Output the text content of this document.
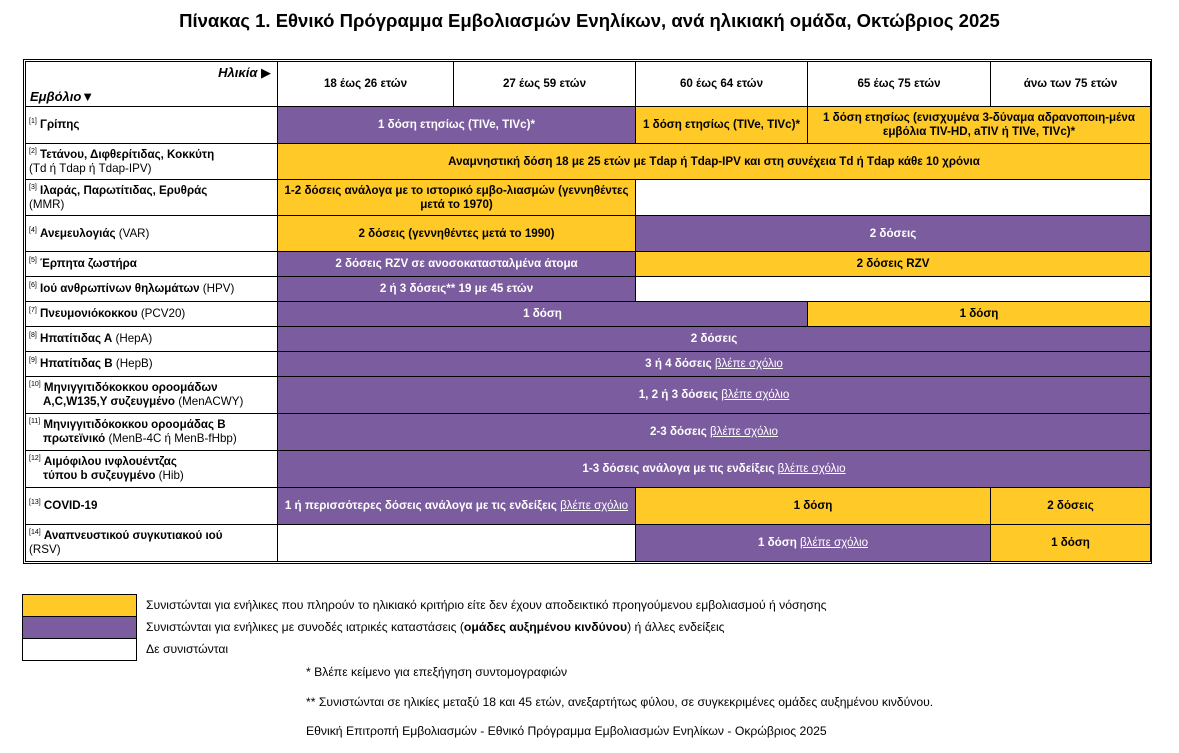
Πίνακας 1. Εθνικό Πρόγραμμα Εμβολιασμών Ενηλίκων, ανά ηλικιακή ομάδα, Οκτώβριος 2025
Ηλικία ▶
Εμβόλιο▼	18 έως 26 ετών	27 έως 59 ετών	60 έως 64 ετών	65 έως 75 ετών	άνω των 75 ετών

[1] Γρίπης	1 δόση ετησίως (TIVe, TIVc)*		1 δόση ετησίως (TIVe, TIVc)*	1 δόση ετησίως (ενισχυμένα 3-δύναμα αδρανοποιη-μένα εμβόλια TIV-HD, aTIV ή TIVe, TIVc)*	

[2] Τετάνου, Διφθερίτιδας, Κοκκύτη
(Td ή Tdap ή Tdap-IPV)	Αναμνηστική δόση 18 με 25 ετών με Tdap ή Tdap-IPV και στη συνέχεια Td ή Tdap κάθε 10 χρόνια				

[3] Ιλαράς, Παρωτίτιδας, Ερυθράς
(MMR)	1-2 δόσεις ανάλογα με το ιστορικό εμβο-λιασμών (γεννηθέντες μετά το 1970)				

[4] Ανεμευλογιάς (VAR)	2 δόσεις (γεννηθέντες μετά το 1990)		2 δόσεις		

[5] Έρπητα ζωστήρα	2 δόσεις RZV σε ανοσοκατασταλμένα άτομα		2 δόσεις RZV		

[6] Ιού ανθρωπίνων θηλωμάτων (HPV)	2 ή 3 δόσεις** 19 με 45 ετών				

[7] Πνευμονιόκοκκου (PCV20)	1 δόση			1 δόση	

[8] Ηπατίτιδας Α (HepA)	2 δόσεις				

[9] Ηπατίτιδας Β (HepB)	3 ή 4 δόσεις βλέπε σχόλιο				

[10] Μηνιγγιτιδόκοκκου οροομάδων
A,C,W135,Y συζευγμένο (MenACWY)	1, 2 ή 3 δόσεις βλέπε σχόλιο				

[11] Μηνιγγιτιδόκοκκου οροομάδας Β
πρωτεϊνικό (MenB-4C ή MenB-fHbp)	2-3 δόσεις βλέπε σχόλιο				

[12] Αιμόφιλου ινφλουέντζας
τύπου b συζευγμένο (Hib)	1-3 δόσεις ανάλογα με τις ενδείξεις βλέπε σχόλιο				

[13] COVID-19	1 ή περισσότερες δόσεις ανάλογα με τις ενδείξεις βλέπε σχόλιο		1 δόση		2 δόσεις

[14] Αναπνευστικού συγκυτιακού ιού
(RSV)			1 δόση βλέπε σχόλιο		1 δόση

Συνιστώνται για ενήλικες που πληρούν το ηλικιακό κριτήριο είτε δεν έχουν αποδεικτικό προηγούμενου εμβολιασμού ή νόσησης
Συνιστώνται για ενήλικες με συνοδές ιατρικές καταστάσεις (ομάδες αυξημένου κινδύνου) ή άλλες ενδείξεις
Δε συνιστώνται
* Βλέπε κείμενο για επεξήγηση συντομογραφιών
** Συνιστώνται σε ηλικίες μεταξύ 18 και 45 ετών, ανεξαρτήτως φύλου, σε συγκεκριμένες ομάδες αυξημένου κινδύνου.
Εθνική Επιτροπή Εμβολιασμών - Εθνικό Πρόγραμμα Εμβολιασμών Ενηλίκων - Οκρώβριος 2025
